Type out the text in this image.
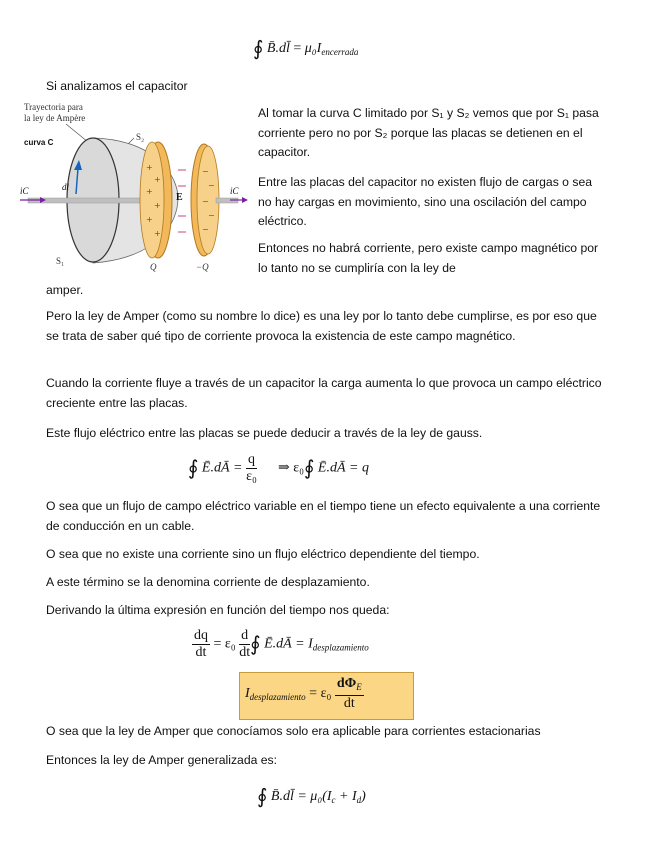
∮ B̄.dl̄ = $\mu_0I_{encerrada}$

Si analizamos el capacitor

Trayectoria para
la ley de Ampère
curva C
S₂
+
+
+
+
+
+
E
−
−
−
−
−
iC	iC
dl
S₁
Q	−Q

Al tomar la curva C limitado por S₁ y S₂ vemos que por S₁ pasa corriente pero no por S₂ porque las placas se detienen en el capacitor.

Entre las placas del capacitor no existen flujo de cargas o sea no hay cargas en movimiento, sino una oscilación del campo eléctrico.

Entonces no habrá corriente, pero existe campo magnético por lo tanto no se cumpliría con la ley de

amper.

Pero la ley de Amper (como su nombre lo dice) es una ley por lo tanto debe cumplirse, es por eso que se trata de saber qué tipo de corriente provoca la existencia de este campo magnético.

Cuando la corriente fluye a través de un capacitor la carga aumenta lo que provoca un campo eléctrico creciente entre las placas.

Este flujo eléctrico entre las placas se puede deducir a través de la ley de gauss.

∮ Ē.dĀ = $\frac{q}{\text{ε₀}}$ ⇒ ε₀∮ Ē.dĀ = q

O sea que un flujo de campo eléctrico variable en el tiempo tiene un efecto equivalente a una corriente de conducción en un cable.

O sea que no existe una corriente sino un flujo eléctrico dependiente del tiempo.

A este término se la denomina corriente de desplazamiento.

Derivando la última expresión en función del tiempo nos queda:

$\frac{dq}{dt} = \varepsilon_0 \frac{d}{dt}$ ∮ Ē.dĀ = $I_{desplazamiento}$
$I_{desplazamiento} = \varepsilon_0 \frac{d\Phi_E}{dt}$

O sea que la ley de Amper que conocíamos solo era aplicable para corrientes estacionarias

Entonces la ley de Amper generalizada es:

∮ B̄.dl̄ = $\mu_0(I_c + I_d)$
